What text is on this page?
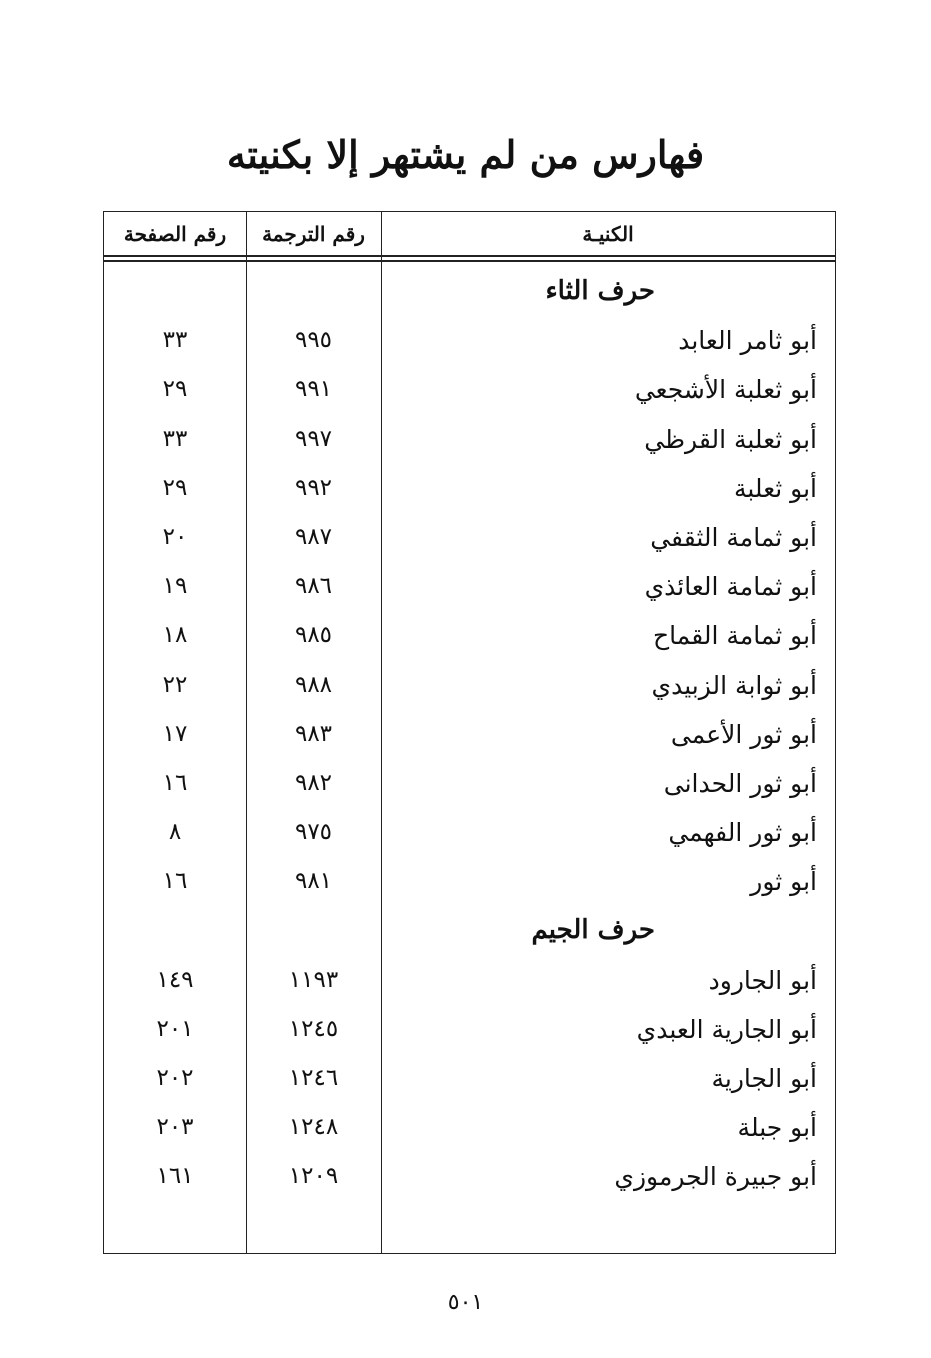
فهارس من لم يشتهر إلا بكنيته
رقم الصفحة	رقم الترجمة	الكنيـة
حرف الثاء
أبو ثامر العابد
٩٩٥
٣٣
أبو ثعلبة الأشجعي
٩٩١
٢٩
أبو ثعلبة القرظي
٩٩٧
٣٣
أبو ثعلبة
٩٩٢
٢٩
أبو ثمامة الثقفي
٩٨٧
٢٠
أبو ثمامة العائذي
٩٨٦
١٩
أبو ثمامة القماح
٩٨٥
١٨
أبو ثوابة الزبيدي
٩٨٨
٢٢
أبو ثور الأعمى
٩٨٣
١٧
أبو ثور الحدانى
٩٨٢
١٦
أبو ثور الفهمي
٩٧٥
٨
أبو ثور
٩٨١
١٦
حرف الجيم
أبو الجارود
١١٩٣
١٤٩
أبو الجارية العبدي
١٢٤٥
٢٠١
أبو الجارية
١٢٤٦
٢٠٢
أبو جبلة
١٢٤٨
٢٠٣
أبو جبيرة الجرموزي
١٢٠٩
١٦١
٥٠١
